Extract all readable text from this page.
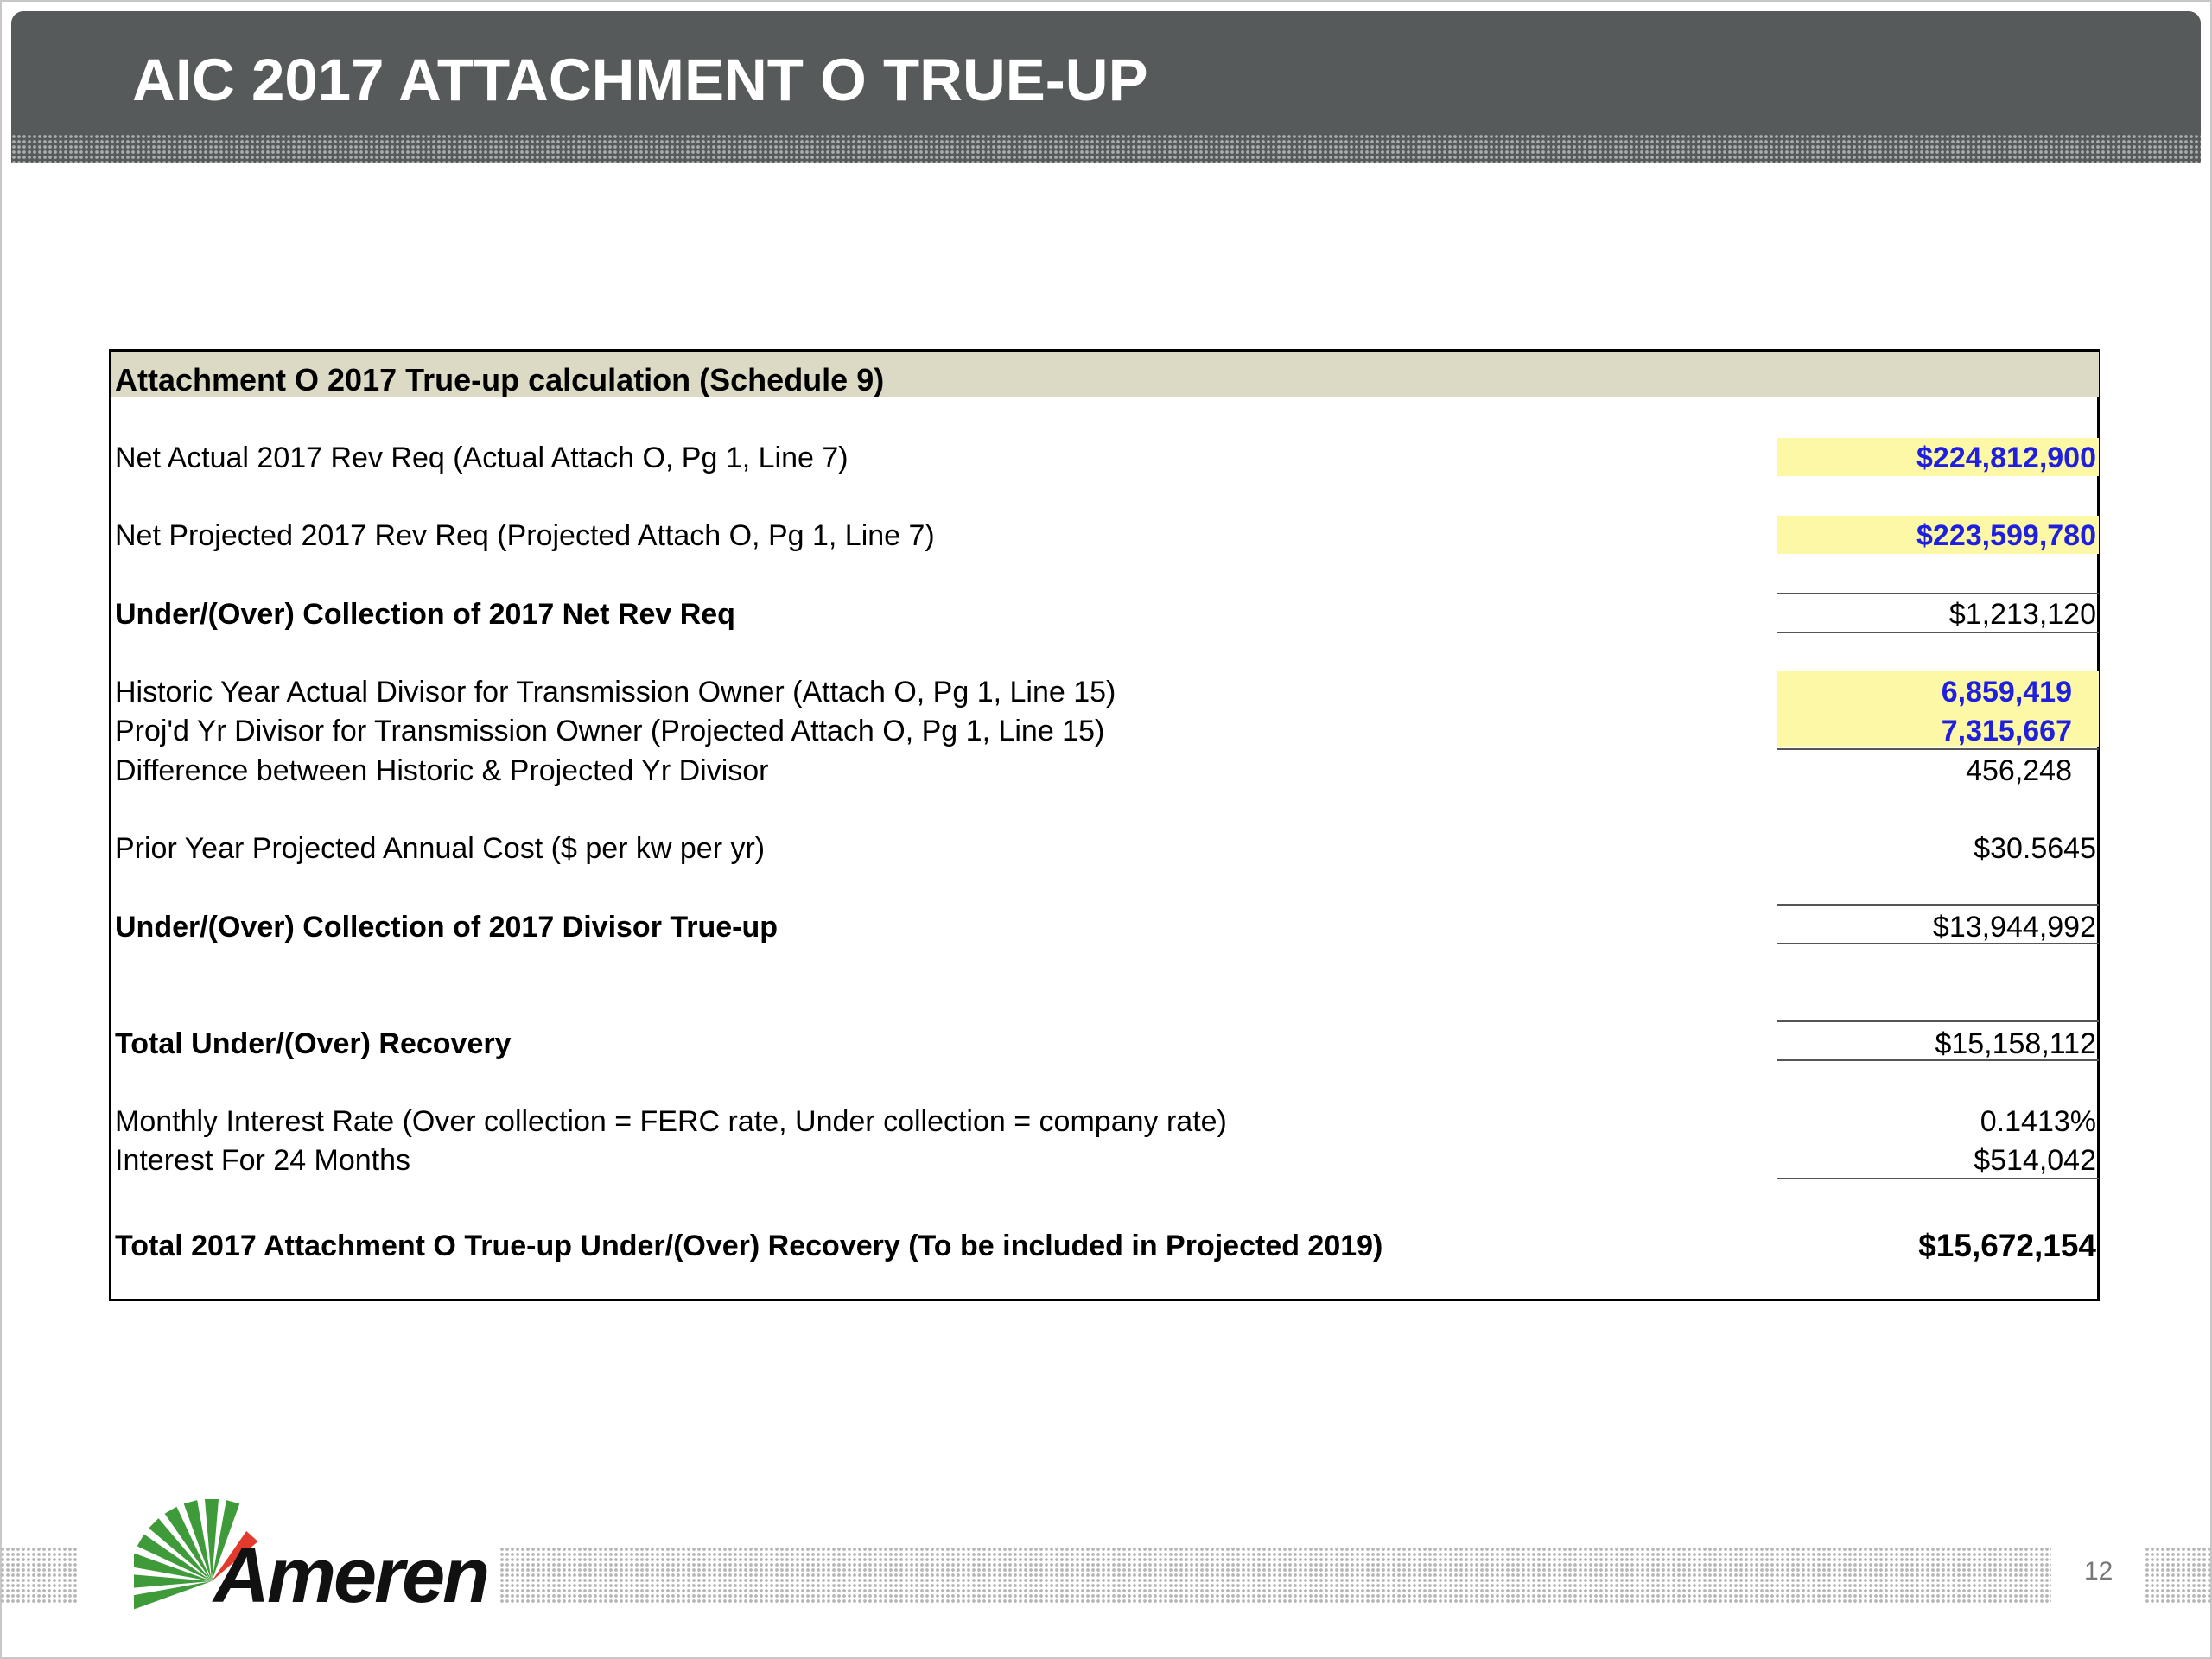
AIC 2017 ATTACHMENT O TRUE-UP
Attachment O 2017 True-up calculation (Schedule 9)
Net Actual 2017 Rev Req (Actual Attach O, Pg 1, Line 7)	$224,812,900
Net Projected 2017 Rev Req (Projected Attach O, Pg 1, Line 7)	$223,599,780
Under/(Over) Collection of 2017 Net Rev Req	$1,213,120
Historic Year Actual Divisor for Transmission Owner (Attach O, Pg 1, Line 15)	6,859,419
Proj'd Yr Divisor for Transmission Owner (Projected Attach O, Pg 1, Line 15)	7,315,667
Difference between Historic & Projected Yr Divisor	456,248
Prior Year Projected Annual Cost ($ per kw per yr)	$30.5645
Under/(Over) Collection of 2017 Divisor True-up	$13,944,992
Total Under/(Over) Recovery	$15,158,112
Monthly Interest Rate (Over collection = FERC rate, Under collection = company rate)	0.1413%
Interest For 24 Months	$514,042
Total 2017 Attachment O True-up Under/(Over) Recovery (To be included in Projected 2019)	$15,672,154
Ameren	12
